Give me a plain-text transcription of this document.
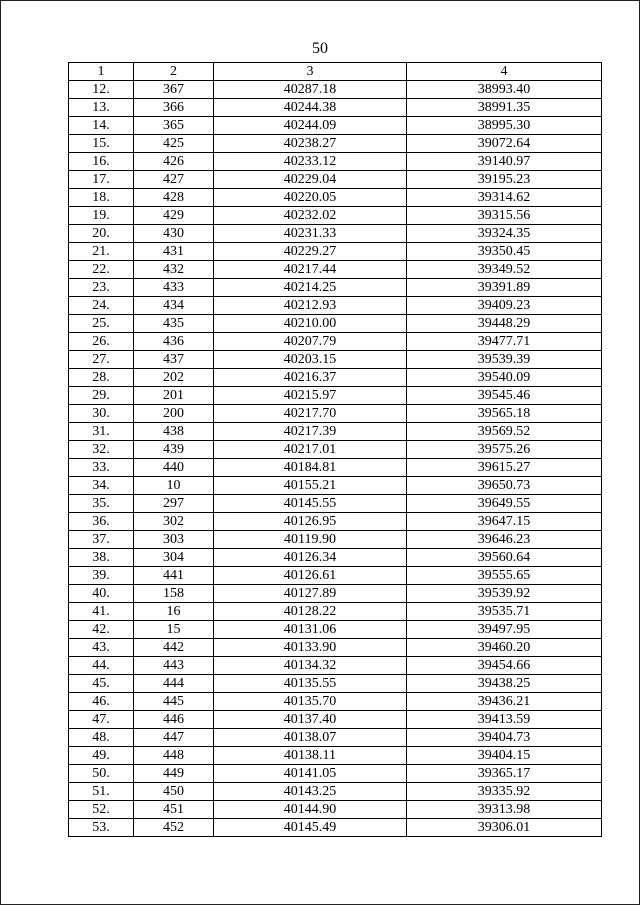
50
1	2	3	4
12.	367	40287.18	38993.40
13.	366	40244.38	38991.35
14.	365	40244.09	38995.30
15.	425	40238.27	39072.64
16.	426	40233.12	39140.97
17.	427	40229.04	39195.23
18.	428	40220.05	39314.62
19.	429	40232.02	39315.56
20.	430	40231.33	39324.35
21.	431	40229.27	39350.45
22.	432	40217.44	39349.52
23.	433	40214.25	39391.89
24.	434	40212.93	39409.23
25.	435	40210.00	39448.29
26.	436	40207.79	39477.71
27.	437	40203.15	39539.39
28.	202	40216.37	39540.09
29.	201	40215.97	39545.46
30.	200	40217.70	39565.18
31.	438	40217.39	39569.52
32.	439	40217.01	39575.26
33.	440	40184.81	39615.27
34.	10	40155.21	39650.73
35.	297	40145.55	39649.55
36.	302	40126.95	39647.15
37.	303	40119.90	39646.23
38.	304	40126.34	39560.64
39.	441	40126.61	39555.65
40.	158	40127.89	39539.92
41.	16	40128.22	39535.71
42.	15	40131.06	39497.95
43.	442	40133.90	39460.20
44.	443	40134.32	39454.66
45.	444	40135.55	39438.25
46.	445	40135.70	39436.21
47.	446	40137.40	39413.59
48.	447	40138.07	39404.73
49.	448	40138.11	39404.15
50.	449	40141.05	39365.17
51.	450	40143.25	39335.92
52.	451	40144.90	39313.98
53.	452	40145.49	39306.01
